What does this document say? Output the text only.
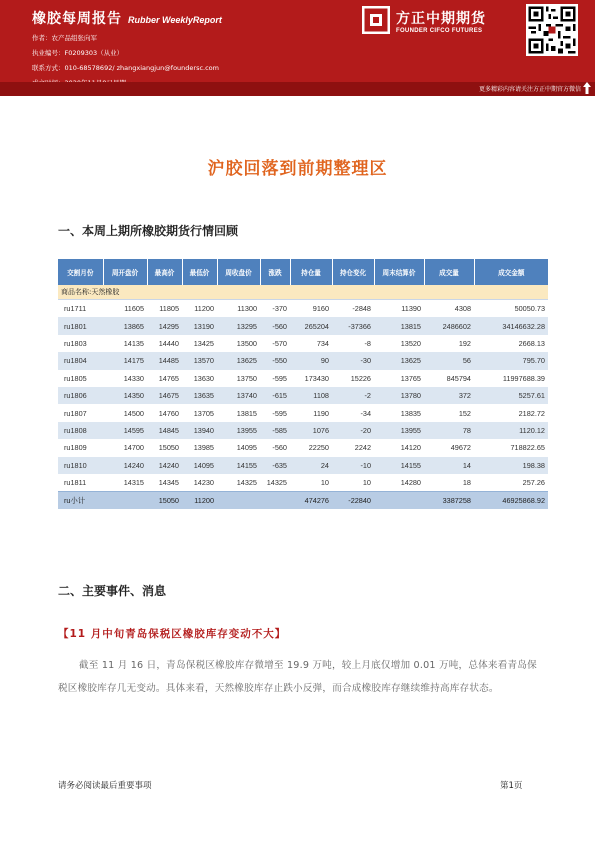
橡胶每周报告 Rubber WeeklyReport
作者：农产品组张向军
执业编号：F0209303（从业）
联系方式：010-68578692/ zhangxiangjun@foundersc.com
方正中期期货
FOUNDER CIFCO FUTURES
更多精彩内容请关注方正中期官方微信
沪胶回落到前期整理区
一、本周上期所橡胶期货行情回顾
交割月份	周开盘价	最高价	最低价	周收盘价	涨跌	持仓量	持仓变化	周末结算价	成交量	成交金额
商品名称:天然橡胶										
ru1711	11605	11805	11200	11300	-370	9160	-2848	11390	4308	50050.73
ru1801	13865	14295	13190	13295	-560	265204	-37366	13815	2486602	34146632.28
ru1803	14135	14440	13425	13500	-570	734	-8	13520	192	2668.13
ru1804	14175	14485	13570	13625	-550	90	-30	13625	56	795.70
ru1805	14330	14765	13630	13750	-595	173430	15226	13765	845794	11997688.39
ru1806	14350	14675	13635	13740	-615	1108	-2	13780	372	5257.61
ru1807	14500	14760	13705	13815	-595	1190	-34	13835	152	2182.72
ru1808	14595	14845	13940	13955	-585	1076	-20	13955	78	1120.12
ru1809	14700	15050	13985	14095	-560	22250	2242	14120	49672	718822.65
ru1810	14240	14240	14095	14155	-635	24	-10	14155	14	198.38
ru1811	14315	14345	14230	14325	14325	10	10	14280	18	257.26
ru小计		15050	11200			474276	-22840		3387258	46925868.92
二、主要事件、消息
【11 月中旬青岛保税区橡胶库存变动不大】
截至 11 月 16 日，青岛保税区橡胶库存微增至 19.9 万吨，较上月底仅增加 0.01 万吨，总体来看青岛保税区橡胶库存几无变动。具体来看，天然橡胶库存止跌小反弹，而合成橡胶库存继续维持高库存状态。
请务必阅读最后重要事项	第1页
